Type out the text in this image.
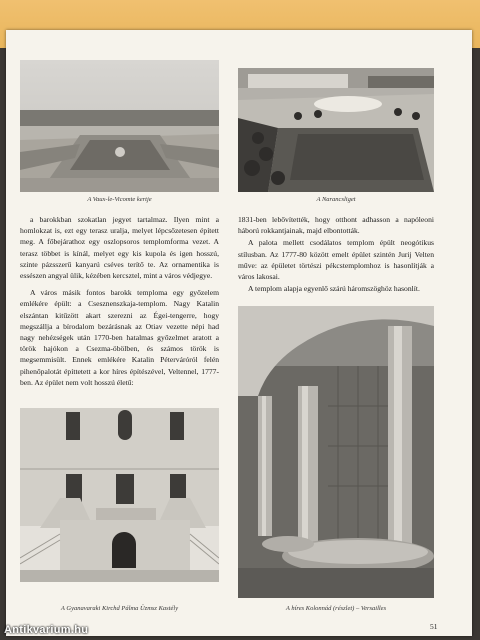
A Vaux-le-Vicomte kertje	A Narancsliget

a barokkban szokatlan jegyet tartalmaz. Ilyen mint a homlokzat is, ezt egy terasz uralja, melyet lépcsőzetesen épített meg. A főbejárathoz egy oszlopsoros templomforma vezet. A terasz többet is kínál, melyet egy kis kupola és igen hosszú, szinte pázsszerű kanyarú cséves terítő te. Az ornamentika is essészen angyal ülik, kézében kercsztel, mint a város védjegye.

A város másik fontos barokk temploma egy győzelem emlékére épült: a Csesznenszkaja-templom. Nagy Katalin elszántan kitűzött akart szerezni az Égei-tengerre, hogy megszállja a bírodalom bezárásnak az Otiav vezette népi had nagy nehézségek után 1770-ben hatalmas győzelmet aratott a török hajókon a Csezma-öbölben, és számos török is megsemmisült. Ennek emlékére Katalin Péterváróról felén pihenőpalotát építtetett a kor híres építészével, Veltennel, 1777-ben. Az épület nem volt hosszú életű:

1831-ben lebővítették, hogy otthont adhasson a napóleoni háború rokkantjainak, majd elbontották.

A palota mellett csodálatos templom épült neogótikus stílusban. Az 1777-80 között emelt épület szintén Jurij Velten műve: az épületet törtészi pékcstemplomhoz is hasonlítják a város lakosai.

A templom alapja egyenlő szárú háromszöghöz hasonlít.

A Gyanavaraki Kirchd Pálma Üzmsz Kastély	A híres Kolonnád (részlet) – Versailles
51
Antikvarium.hu
